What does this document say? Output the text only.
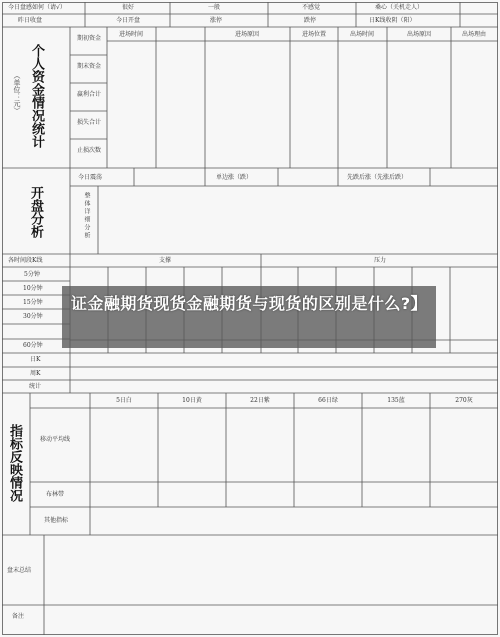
今日盘感如何（请√）	很好	一般	不感觉	桑心（关机走人）
昨日收盘	今日开盘	涨停	跌停	日K线收阴（阳）
个人资金情况统计
（单位：元）
期初资金
期末资金
赢利合计
损失合计
止损次数
进场时间	进场原因	进场位置	出场时间	出场原因	出场理由
开盘分析
今日震荡	单边涨（跌）	先跌后涨（先涨后跌）
整体详细分析
各时间段K线	支撑	压力
5分钟
10分钟
15分钟
30分钟
60分钟
日K
周K
统计
指标反映情况
5日白	10日黄	22日紫	66日绿	135蓝	270灰
移动平均线
布林带
其他指标
盘末总结
备注
证金融期货现货金融期货与现货的区别是什么?】
